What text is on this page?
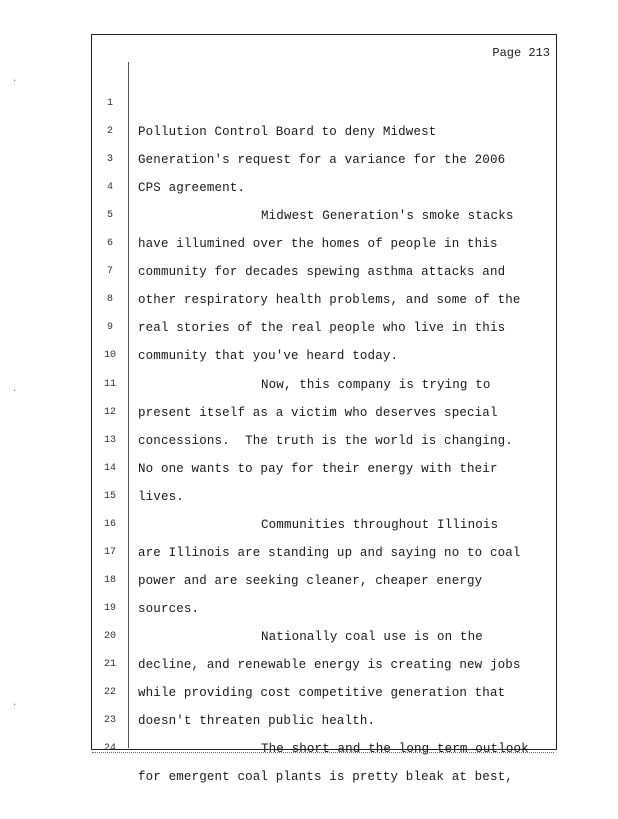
Page 213
·
·
·

1

Pollution Control Board to deny Midwest

2

Generation's request for a variance for the 2006

3

CPS agreement.

4

Midwest Generation's smoke stacks

5

have illumined over the homes of people in this

6

community for decades spewing asthma attacks and

7

other respiratory health problems, and some of the

8

real stories of the real people who live in this

9

community that you've heard today.

10

Now, this company is trying to

11

present itself as a victim who deserves special

12

concessions.  The truth is the world is changing.

13

No one wants to pay for their energy with their

14

lives.

15

Communities throughout Illinois

16

are Illinois are standing up and saying no to coal

17

power and are seeking cleaner, cheaper energy

18

sources.

19

Nationally coal use is on the

20

decline, and renewable energy is creating new jobs

21

while providing cost competitive generation that

22

doesn't threaten public health.

23

The short and the long term outlook

24

for emergent coal plants is pretty bleak at best,
